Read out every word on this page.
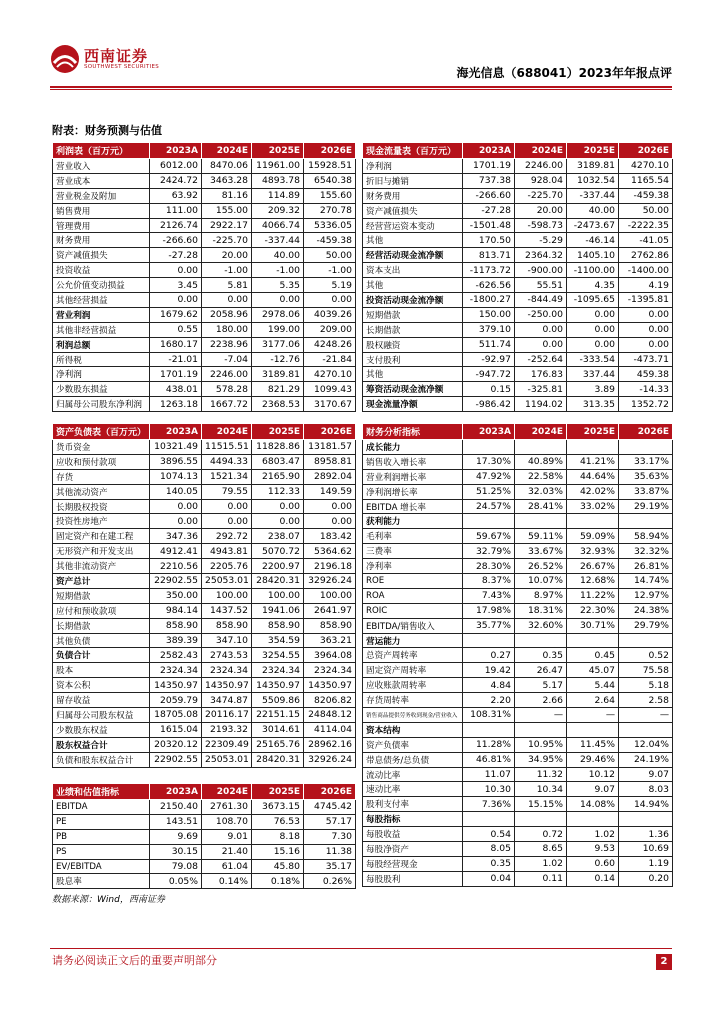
西南证券
SOUTHWEST SECURITIES	海光信息（688041）2023年年报点评
附表：财务预测与估值
利润表（百万元）	2023A	2024E	2025E	2026E
营业收入	6012.00	8470.06	11961.00	15928.51
营业成本	2424.72	3463.28	4893.78	6540.38
营业税金及附加	63.92	81.16	114.89	155.60
销售费用	111.00	155.00	209.32	270.78
管理费用	2126.74	2922.17	4066.74	5336.05
财务费用	-266.60	-225.70	-337.44	-459.38
资产减值损失	-27.28	20.00	40.00	50.00
投资收益	0.00	-1.00	-1.00	-1.00
公允价值变动损益	3.45	5.81	5.35	5.19
其他经营损益	0.00	0.00	0.00	0.00
营业利润	1679.62	2058.96	2978.06	4039.26
其他非经营损益	0.55	180.00	199.00	209.00
利润总额	1680.17	2238.96	3177.06	4248.26
所得税	-21.01	-7.04	-12.76	-21.84
净利润	1701.19	2246.00	3189.81	4270.10
少数股东损益	438.01	578.28	821.29	1099.43
归属母公司股东净利润	1263.18	1667.72	2368.53	3170.67
现金流量表（百万元）	2023A	2024E	2025E	2026E
净利润	1701.19	2246.00	3189.81	4270.10
折旧与摊销	737.38	928.04	1032.54	1165.54
财务费用	-266.60	-225.70	-337.44	-459.38
资产减值损失	-27.28	20.00	40.00	50.00
经营营运资本变动	-1501.48	-598.73	-2473.67	-2222.35
其他	170.50	-5.29	-46.14	-41.05
经营活动现金流净额	813.71	2364.32	1405.10	2762.86
资本支出	-1173.72	-900.00	-1100.00	-1400.00
其他	-626.56	55.51	4.35	4.19
投资活动现金流净额	-1800.27	-844.49	-1095.65	-1395.81
短期借款	150.00	-250.00	0.00	0.00
长期借款	379.10	0.00	0.00	0.00
股权融资	511.74	0.00	0.00	0.00
支付股利	-92.97	-252.64	-333.54	-473.71
其他	-947.72	176.83	337.44	459.38
筹资活动现金流净额	0.15	-325.81	3.89	-14.33
现金流量净额	-986.42	1194.02	313.35	1352.72
资产负债表（百万元）	2023A	2024E	2025E	2026E
货币资金	10321.49	11515.51	11828.86	13181.57
应收和预付款项	3896.55	4494.33	6803.47	8958.81
存货	1074.13	1521.34	2165.90	2892.04
其他流动资产	140.05	79.55	112.33	149.59
长期股权投资	0.00	0.00	0.00	0.00
投资性房地产	0.00	0.00	0.00	0.00
固定资产和在建工程	347.36	292.72	238.07	183.42
无形资产和开发支出	4912.41	4943.81	5070.72	5364.62
其他非流动资产	2210.56	2205.76	2200.97	2196.18
资产总计	22902.55	25053.01	28420.31	32926.24
短期借款	350.00	100.00	100.00	100.00
应付和预收款项	984.14	1437.52	1941.06	2641.97
长期借款	858.90	858.90	858.90	858.90
其他负债	389.39	347.10	354.59	363.21
负债合计	2582.43	2743.53	3254.55	3964.08
股本	2324.34	2324.34	2324.34	2324.34
资本公积	14350.97	14350.97	14350.97	14350.97
留存收益	2059.79	3474.87	5509.86	8206.82
归属母公司股东权益	18705.08	20116.17	22151.15	24848.12
少数股东权益	1615.04	2193.32	3014.61	4114.04
股东权益合计	20320.12	22309.49	25165.76	28962.16
负债和股东权益合计	22902.55	25053.01	28420.31	32926.24
财务分析指标	2023A	2024E	2025E	2026E
成长能力				
销售收入增长率	17.30%	40.89%	41.21%	33.17%
营业利润增长率	47.92%	22.58%	44.64%	35.63%
净利润增长率	51.25%	32.03%	42.02%	33.87%
EBITDA 增长率	24.57%	28.41%	33.02%	29.19%
获利能力				
毛利率	59.67%	59.11%	59.09%	58.94%
三费率	32.79%	33.67%	32.93%	32.32%
净利率	28.30%	26.52%	26.67%	26.81%
ROE	8.37%	10.07%	12.68%	14.74%
ROA	7.43%	8.97%	11.22%	12.97%
ROIC	17.98%	18.31%	22.30%	24.38%
EBITDA/销售收入	35.77%	32.60%	30.71%	29.79%
营运能力				
总资产周转率	0.27	0.35	0.45	0.52
固定资产周转率	19.42	26.47	45.07	75.58
应收账款周转率	4.84	5.17	5.44	5.18
存货周转率	2.20	2.66	2.64	2.58
销售商品提供劳务收到现金/营业收入	108.31%	—	—	—
资本结构				
资产负债率	11.28%	10.95%	11.45%	12.04%
带息债务/总负债	46.81%	34.95%	29.46%	24.19%
流动比率	11.07	11.32	10.12	9.07
速动比率	10.30	10.34	9.07	8.03
股利支付率	7.36%	15.15%	14.08%	14.94%
每股指标				
每股收益	0.54	0.72	1.02	1.36
每股净资产	8.05	8.65	9.53	10.69
每股经营现金	0.35	1.02	0.60	1.19
每股股利	0.04	0.11	0.14	0.20
业绩和估值指标	2023A	2024E	2025E	2026E
EBITDA	2150.40	2761.30	3673.15	4745.42
PE	143.51	108.70	76.53	57.17
PB	9.69	9.01	8.18	7.30
PS	30.15	21.40	15.16	11.38
EV/EBITDA	79.08	61.04	45.80	35.17
股息率	0.05%	0.14%	0.18%	0.26%
数据来源：Wind，西南证券
请务必阅读正文后的重要声明部分	2
